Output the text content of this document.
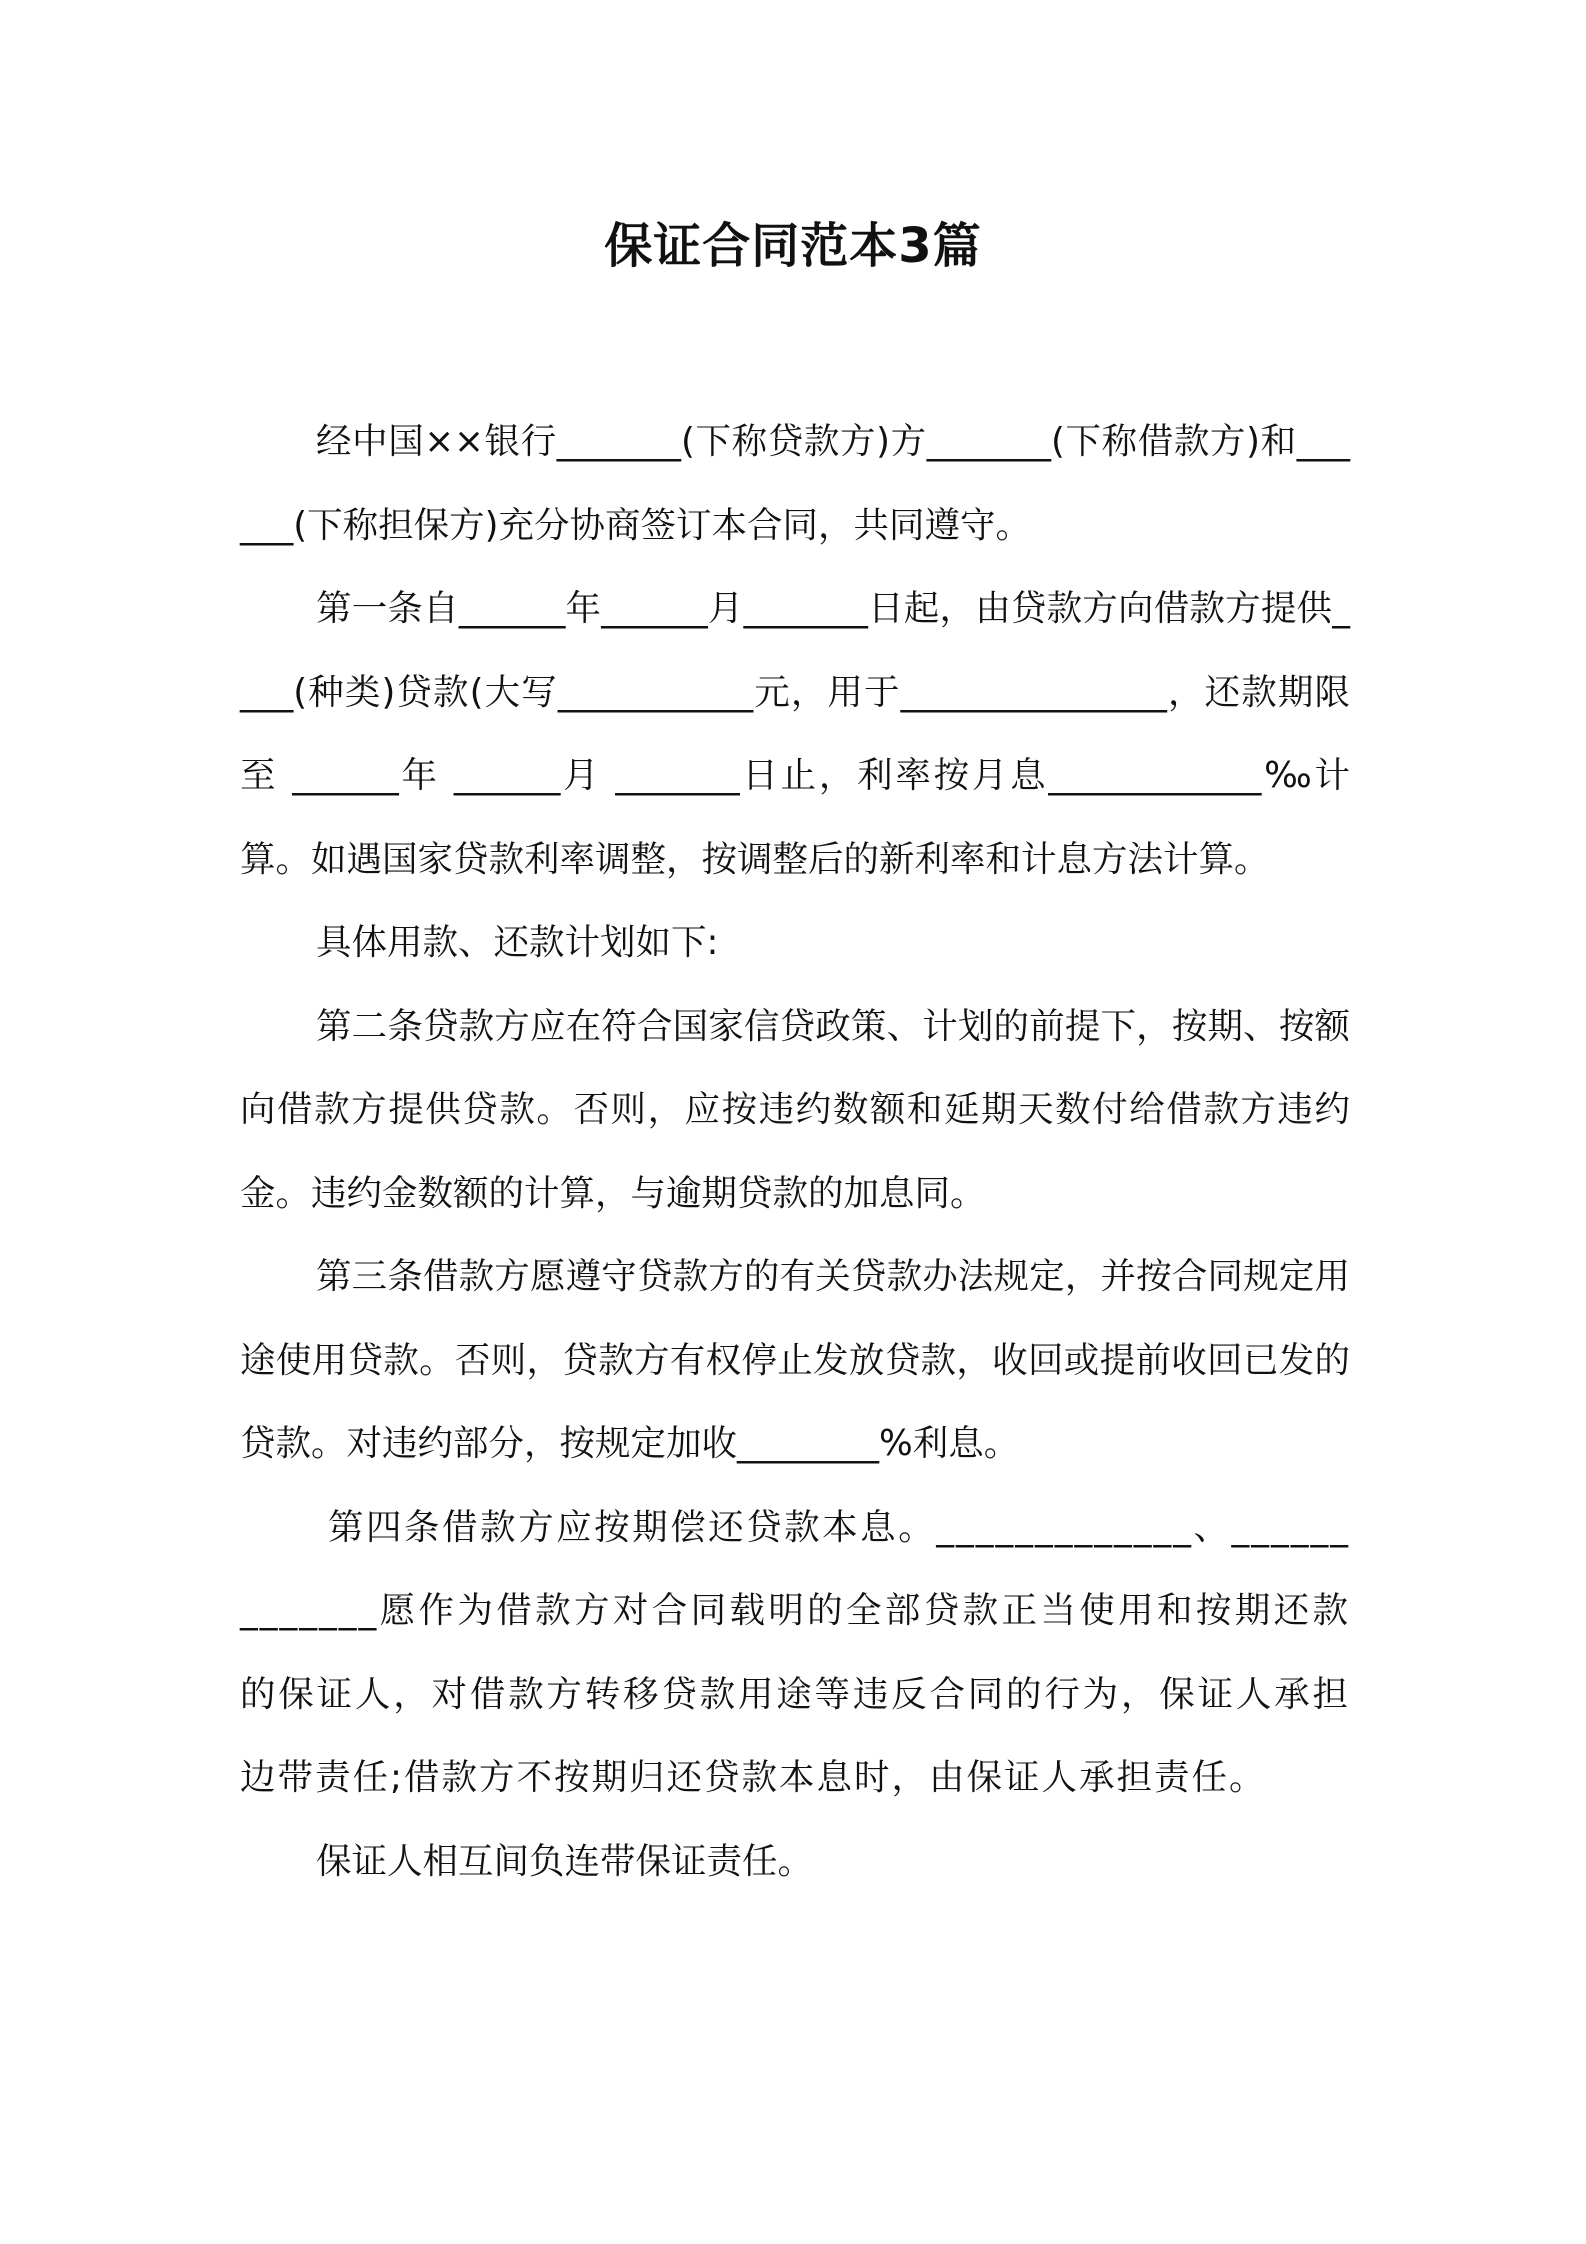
保证合同范本3篇

经中国××银行_______(下称贷款方)方_______(下称借款方)和______(下称担保方)充分协商签订本合同，共同遵守。

第一条自______年______月_______日起，由贷款方向借款方提供____(种类)贷款(大写___________元，用于_______________，还款期限至 ______年 ______月 _______日止，利率按月息____________‰计算。如遇国家贷款利率调整，按调整后的新利率和计息方法计算。

具体用款、还款计划如下:

第二条贷款方应在符合国家信贷政策、计划的前提下，按期、按额向借款方提供贷款。否则，应按违约数额和延期天数付给借款方违约金。违约金数额的计算，与逾期贷款的加息同。

第三条借款方愿遵守贷款方的有关贷款办法规定，并按合同规定用途使用贷款。否则，贷款方有权停止发放贷款，收回或提前收回已发的贷款。对违约部分，按规定加收________%利息。

第四条借款方应按期偿还贷款本息。_____________、_____________愿作为借款方对合同载明的全部贷款正当使用和按期还款的保证人，对借款方转移贷款用途等违反合同的行为，保证人承担边带责任;借款方不按期归还贷款本息时，由保证人承担责任。

保证人相互间负连带保证责任。
